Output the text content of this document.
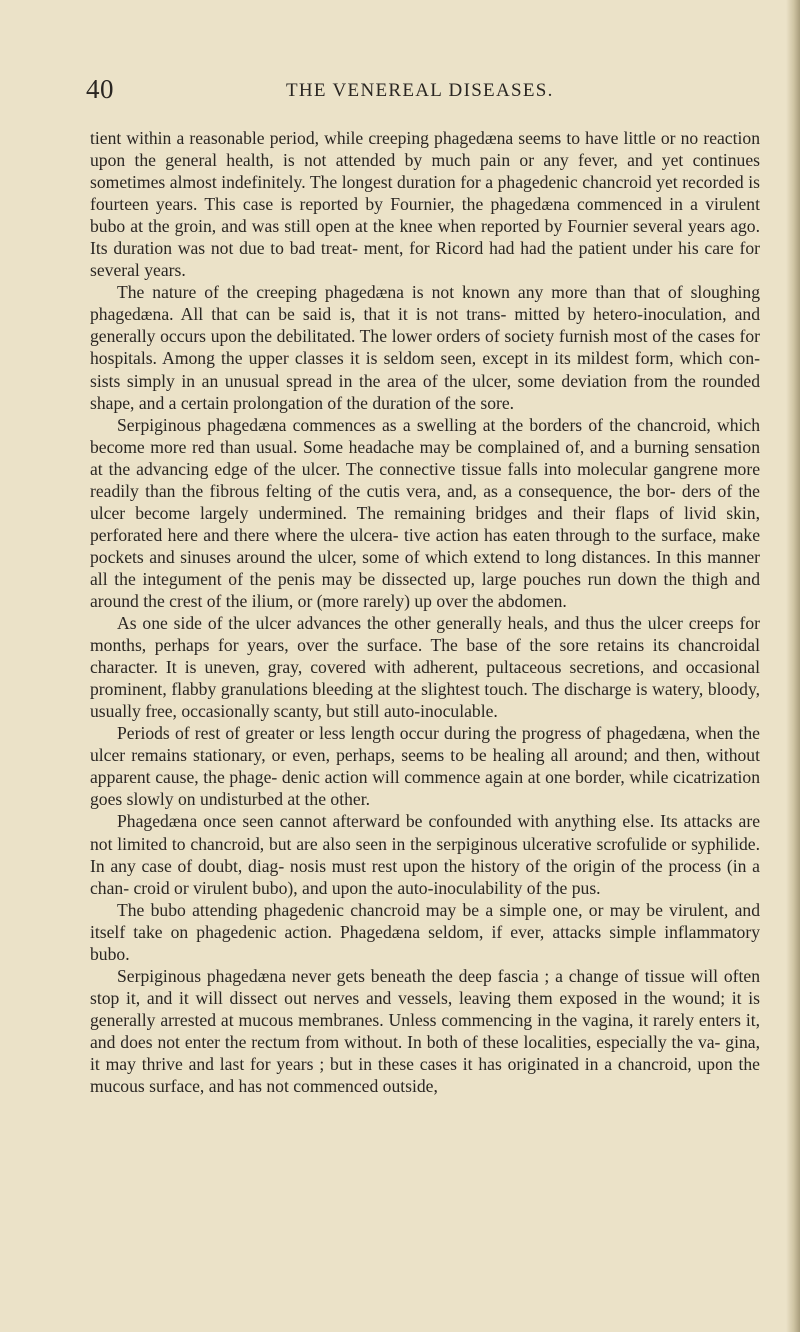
40	THE VENEREAL DISEASES.

tient within a reasonable period, while creeping phagedæna seems to have little or no reaction upon the general health, is not attended by much pain or any fever, and yet continues sometimes almost indefinitely. The longest duration for a phagedenic chancroid yet recorded is fourteen years. This case is reported by Fournier, the phagedæna commenced in a virulent bubo at the groin, and was still open at the knee when reported by Fournier several years ago. Its duration was not due to bad treat- ment, for Ricord had had the patient under his care for several years.

The nature of the creeping phagedæna is not known any more than that of sloughing phagedæna. All that can be said is, that it is not trans- mitted by hetero-inoculation, and generally occurs upon the debilitated. The lower orders of society furnish most of the cases for hospitals. Among the upper classes it is seldom seen, except in its mildest form, which con- sists simply in an unusual spread in the area of the ulcer, some deviation from the rounded shape, and a certain prolongation of the duration of the sore.

Serpiginous phagedæna commences as a swelling at the borders of the chancroid, which become more red than usual. Some headache may be complained of, and a burning sensation at the advancing edge of the ulcer. The connective tissue falls into molecular gangrene more readily than the fibrous felting of the cutis vera, and, as a consequence, the bor- ders of the ulcer become largely undermined. The remaining bridges and their flaps of livid skin, perforated here and there where the ulcera- tive action has eaten through to the surface, make pockets and sinuses around the ulcer, some of which extend to long distances. In this manner all the integument of the penis may be dissected up, large pouches run down the thigh and around the crest of the ilium, or (more rarely) up over the abdomen.

As one side of the ulcer advances the other generally heals, and thus the ulcer creeps for months, perhaps for years, over the surface. The base of the sore retains its chancroidal character. It is uneven, gray, covered with adherent, pultaceous secretions, and occasional prominent, flabby granulations bleeding at the slightest touch. The discharge is watery, bloody, usually free, occasionally scanty, but still auto-inoculable.

Periods of rest of greater or less length occur during the progress of phagedæna, when the ulcer remains stationary, or even, perhaps, seems to be healing all around; and then, without apparent cause, the phage- denic action will commence again at one border, while cicatrization goes slowly on undisturbed at the other.

Phagedæna once seen cannot afterward be confounded with anything else. Its attacks are not limited to chancroid, but are also seen in the serpiginous ulcerative scrofulide or syphilide. In any case of doubt, diag- nosis must rest upon the history of the origin of the process (in a chan- croid or virulent bubo), and upon the auto-inoculability of the pus.

The bubo attending phagedenic chancroid may be a simple one, or may be virulent, and itself take on phagedenic action. Phagedæna seldom, if ever, attacks simple inflammatory bubo.

Serpiginous phagedæna never gets beneath the deep fascia ; a change of tissue will often stop it, and it will dissect out nerves and vessels, leaving them exposed in the wound; it is generally arrested at mucous membranes. Unless commencing in the vagina, it rarely enters it, and does not enter the rectum from without. In both of these localities, especially the va- gina, it may thrive and last for years ; but in these cases it has originated in a chancroid, upon the mucous surface, and has not commenced outside,
